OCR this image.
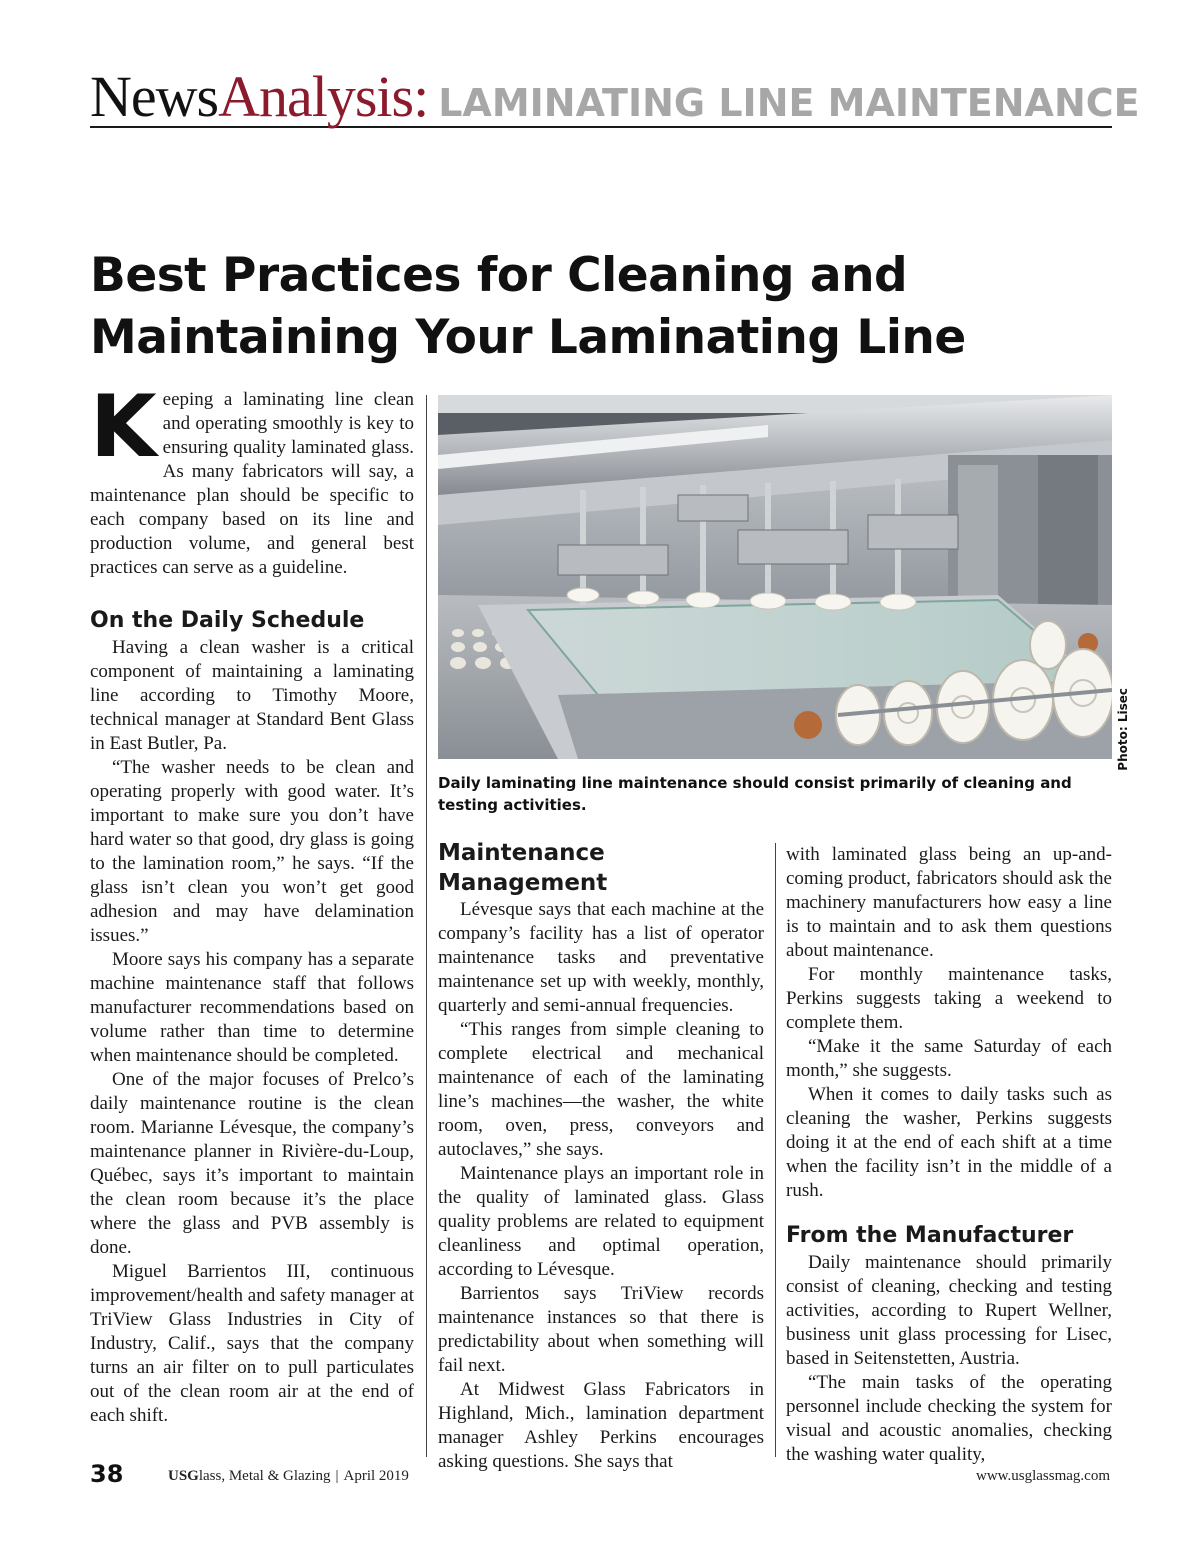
NewsAnalysis: LAMINATING LINE MAINTENANCE
Best Practices for Cleaning and
Maintaining Your Laminating Line

Keeping a laminating line clean and operating smoothly is key to ensuring quality laminated glass. As many fabricators will say, a maintenance plan should be specific to each company based on its line and production volume, and general best practices can serve as a guideline.

On the Daily Schedule

Having a clean washer is a critical component of maintaining a laminating line according to Timothy Moore, technical manager at Standard Bent Glass in East Butler, Pa.

“The washer needs to be clean and operating properly with good water. It’s important to make sure you don’t have hard water so that good, dry glass is going to the lamination room,” he says. “If the glass isn’t clean you won’t get good adhesion and may have delamination issues.”

Moore says his company has a separate machine maintenance staff that follows manufacturer recommendations based on volume rather than time to determine when maintenance should be completed.

One of the major focuses of Prelco’s daily maintenance routine is the clean room. Marianne Lévesque, the company’s maintenance planner in Rivière-du-Loup, Québec, says it’s important to maintain the clean room because it’s the place where the glass and PVB assembly is done.

Miguel Barrientos III, continuous improvement/health and safety manager at TriView Glass Industries in City of Industry, Calif., says that the company turns an air filter on to pull particulates out of the clean room air at the end of each shift.

Photo: Lisec

Daily laminating line maintenance should consist primarily of cleaning and testing activities.

Maintenance Management

Lévesque says that each machine at the company’s facility has a list of operator maintenance tasks and preventative maintenance set up with weekly, monthly, quarterly and semi-annual frequencies.

“This ranges from simple cleaning to complete electrical and mechanical maintenance of each of the laminating line’s machines—the washer, the white room, oven, press, conveyors and autoclaves,” she says.

Maintenance plays an important role in the quality of laminated glass. Glass quality problems are related to equipment cleanliness and optimal operation, according to Lévesque.

Barrientos says TriView records maintenance instances so that there is predictability about when something will fail next.

At Midwest Glass Fabricators in Highland, Mich., lamination department manager Ashley Perkins encourages asking questions. She says that

with laminated glass being an up-and-coming product, fabricators should ask the machinery manufacturers how easy a line is to maintain and to ask them questions about maintenance.

For monthly maintenance tasks, Perkins suggests taking a weekend to complete them.

“Make it the same Saturday of each month,” she suggests.

When it comes to daily tasks such as cleaning the washer, Perkins suggests doing it at the end of each shift at a time when the facility isn’t in the middle of a rush.

From the Manufacturer

Daily maintenance should primarily consist of cleaning, checking and testing activities, according to Rupert Wellner, business unit glass processing for Lisec, based in Seitenstetten, Austria.

“The main tasks of the operating personnel include checking the system for visual and acoustic anomalies, checking the washing water quality,

38	USGlass, Metal & Glazing | April 2019	www.usglassmag.com
